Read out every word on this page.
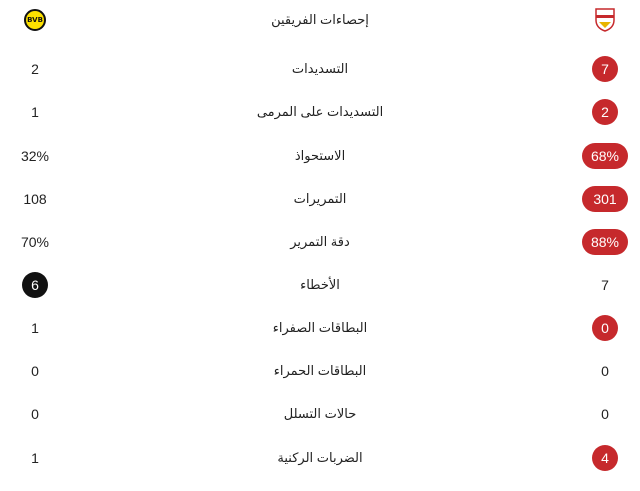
BVB	إحصاءات الفريقين
2	التسديدات	7
1	التسديدات على المرمى	2
32%	الاستحواذ	68%
108	التمريرات	301
70%	دقة التمرير	88%
6	الأخطاء	7
1	البطاقات الصفراء	0
0	البطاقات الحمراء	0
0	حالات التسلل	0
1	الضربات الركنية	4
